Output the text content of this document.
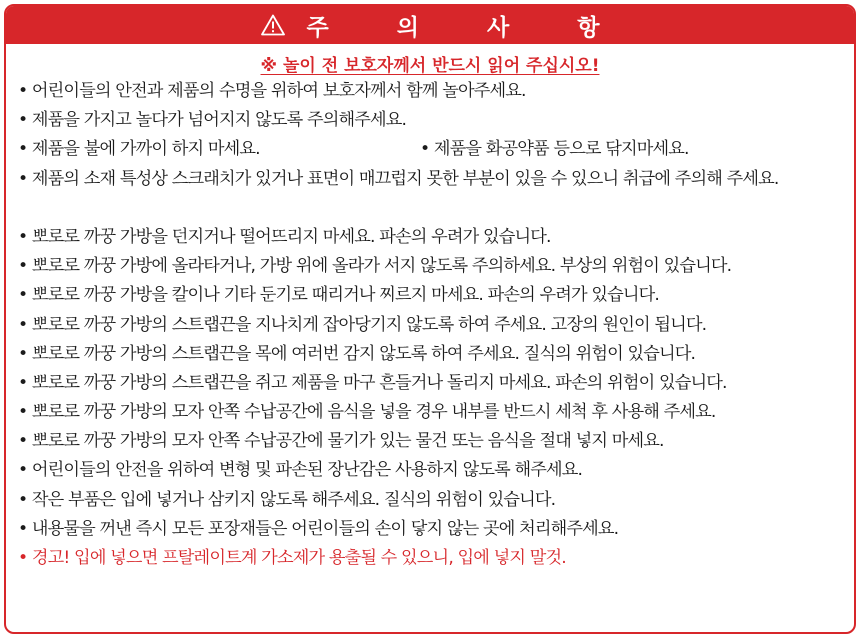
주 의 사 항
※ 놀이 전 보호자께서 반드시 읽어 주십시오!
• 어린이들의 안전과 제품의 수명을 위하여 보호자께서 함께 놀아주세요.
• 제품을 가지고 놀다가 넘어지지 않도록 주의해주세요.
• 제품을 불에 가까이 하지 마세요.	• 제품을 화공약품 등으로 닦지마세요.
• 제품의 소재 특성상 스크래치가 있거나 표면이 매끄럽지 못한 부분이 있을 수 있으니 취급에 주의해 주세요.
• 뽀로로 까꿍 가방을 던지거나 떨어뜨리지 마세요. 파손의 우려가 있습니다.
• 뽀로로 까꿍 가방에 올라타거나, 가방 위에 올라가 서지 않도록 주의하세요. 부상의 위험이 있습니다.
• 뽀로로 까꿍 가방을 칼이나 기타 둔기로 때리거나 찌르지 마세요. 파손의 우려가 있습니다.
• 뽀로로 까꿍 가방의 스트랩끈을 지나치게 잡아당기지 않도록 하여 주세요. 고장의 원인이 됩니다.
• 뽀로로 까꿍 가방의 스트랩끈을 목에 여러번 감지 않도록 하여 주세요. 질식의 위험이 있습니다.
• 뽀로로 까꿍 가방의 스트랩끈을 쥐고 제품을 마구 흔들거나 돌리지 마세요. 파손의 위험이 있습니다.
• 뽀로로 까꿍 가방의 모자 안쪽 수납공간에 음식을 넣을 경우 내부를 반드시 세척 후 사용해 주세요.
• 뽀로로 까꿍 가방의 모자 안쪽 수납공간에 물기가 있는 물건 또는 음식을 절대 넣지 마세요.
• 어린이들의 안전을 위하여 변형 및 파손된 장난감은 사용하지 않도록 해주세요.
• 작은 부품은 입에 넣거나 삼키지 않도록 해주세요. 질식의 위험이 있습니다.
• 내용물을 꺼낸 즉시 모든 포장재들은 어린이들의 손이 닿지 않는 곳에 처리해주세요.
• 경고! 입에 넣으면 프탈레이트계 가소제가 용출될 수 있으니, 입에 넣지 말것.
